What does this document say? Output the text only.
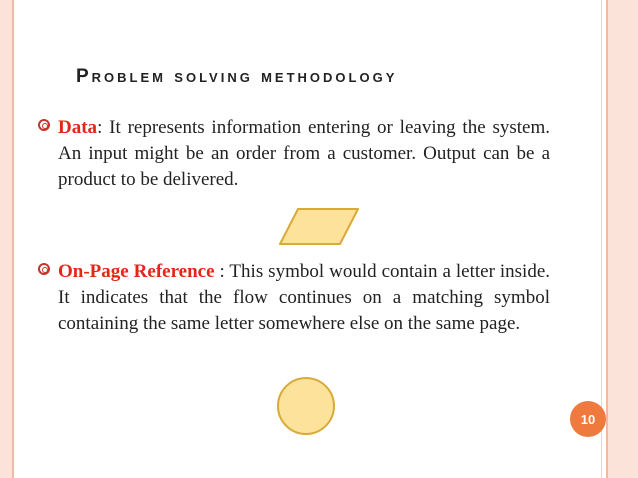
Problem solving methodology

Data: It represents information entering or leaving the system. An input might be an order from a customer. Output can be a product to be delivered.

On-Page Reference : This symbol would contain a letter inside. It indicates that the flow continues on a matching symbol containing the same letter somewhere else on the same page.

10
